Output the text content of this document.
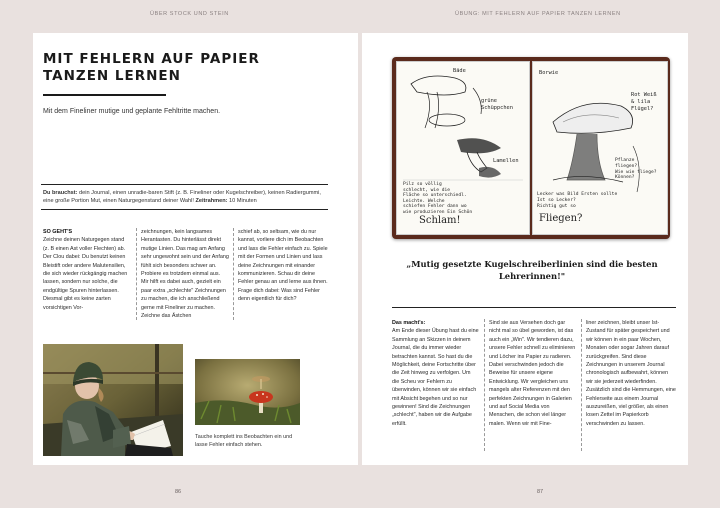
ÜBER STOCK UND STEIN	ÜBUNG: MIT FEHLERN AUF PAPIER TANZEN LERNEN
MIT FEHLERN AUF PAPIER
TANZEN LERNEN
Mit dem Fineliner mutige und geplante Fehltritte machen.
Du brauchst: dein Journal, einen unradie-baren Stift (z. B. Fineliner oder Kugelschreiber), keinen Radiergummi, eine große Portion Mut, einen Naturgegenstand deiner Wahl! Zeitrahmen: 10 Minuten
SO GEHT'S
Zeichne deinen Naturgegen stand (z. B einen Ast voller Flechten) ab. Der Clou dabei: Du benutzt keinen Bleistift oder andere Malutensilien, die sich wieder rückgängig machen lassen, sondern nur solche, die endgültige Spuren hinterlassen. Diesmal gibt es keine zarten vorsichtigen Vor-
zeichnungen, kein langsames Herantasten. Du hinterlässt direkt mutige Linien. Das mag am Anfang sehr ungewohnt sein und der Anfang fühlt sich besonders schwer an. Probiere es trotzdem einmal aus. Mir hilft es dabei auch, gezielt ein paar extra „schlechte" Zeichnungen zu machen, die ich anschließend gerne mit Fineliner zu machen. Zeichne das Ästchen
schief ab, so seltsam, wie du nur kannst, vorliere dich im Beobachten und lass die Fehler einfach zu. Spiele mit der Formen und Linien und lass deine Zeichnungen mit einander kommunizieren. Schau dir deine Fehler genau an und lerne aus ihnen. Frage dich dabei: Was sind Fehler denn eigentlich für dich?
Tauche komplett ins Beobachten ein und lasse Fehler einfach stehen.
Bäde
grüne
Schüppchen
Lamellen
Pilz so völlig
schlecht, wie die
Fläche so unterschiedl.
Leichte. Welche
schiefen Fehler dann wo
wie produzieren Ein Schön
Schlam!
Borwie
Rot Weiß
& lila
Flügel?
Pflanze
fliegen?
Wie wie fliege?
Können?
Lecker was Bild Ersten sollte
Ist so Lecker?
Richtig gut so
Fliegen?

„Mutig gesetzte Kugelschreiberlinien sind die besten Lehrerinnen!"

Das macht's:
Am Ende dieser Übung hast du eine Sammlung an Skizzen in deinem Journal, die du immer wieder betrachten kannst. So hast du die Möglichkeit, deine Fortschritte über die Zeit hinweg zu verfolgen. Um die Scheu vor Fehlern zu überwinden, können wir sie einfach mit Absicht begehen und so nur gewinnen! Sind die Zeichnungen „schlecht", haben wir die Aufgabe erfüllt.
Sind sie aus Versehen doch gar nicht mal so übel geworden, ist das auch ein „Win". Wir tendieren dazu, unsere Fehler schnell zu eliminieren und Löcher ins Papier zu radieren. Dabei verschwinden jedoch die Beweise für unsere eigene Entwicklung. Wir vergleichen uns mangels alter Referenzen mit den perfekten Zeichnungen in Galerien und auf Social Media von Menschen, die schon viel länger malen. Wenn wir mit Fine-
liner zeichnen, bleibt unser Ist-Zustand für später gespeichert und wir können in ein paar Wochen, Monaten oder sogar Jahren darauf zurückgreifen. Sind diese Zeichnungen in unserem Journal chronologisch aufbewahrt, können wir sie jederzeit wiederfinden. Zusätzlich sind die Hemmungen, eine Fehlerseite aus einem Journal auszureißen, viel größer, als einen losen Zettel im Papierkorb verschwinden zu lassen.
86	87
